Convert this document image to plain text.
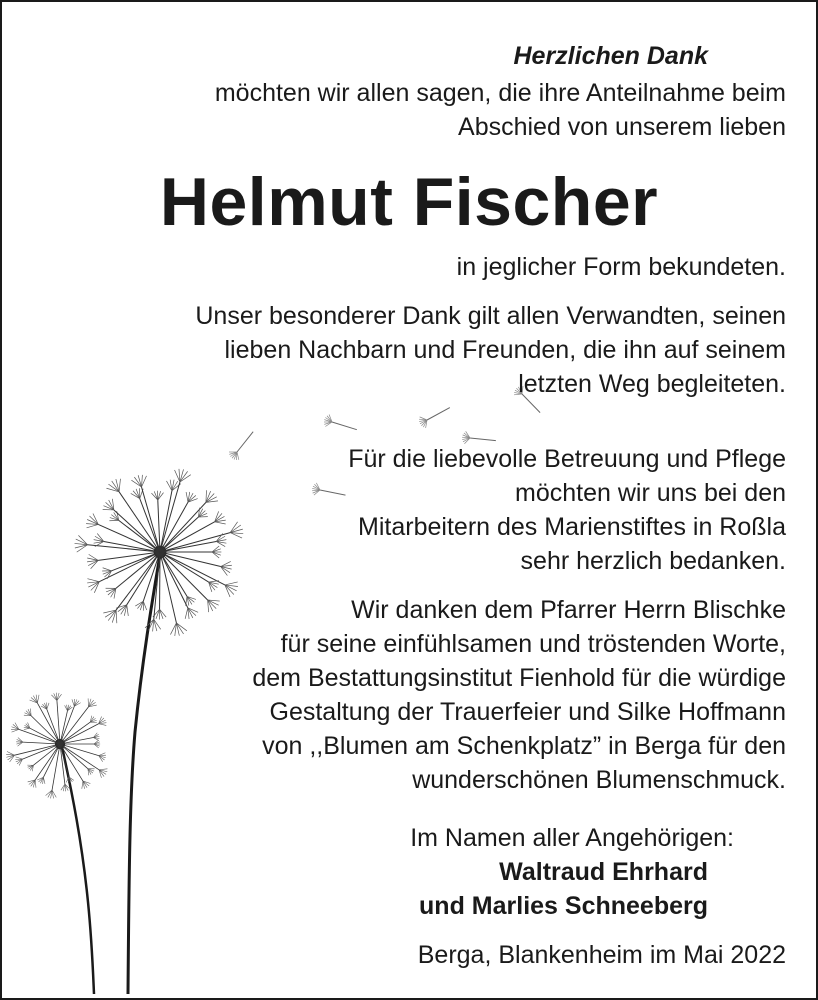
Herzlichen Dank

möchten wir allen sagen, die ihre Anteilnahme beim

Abschied von unserem lieben

Helmut Fischer

in jeglicher Form bekundeten.

Unser besonderer Dank gilt allen Verwandten, seinen

lieben Nachbarn und Freunden, die ihn auf seinem

letzten Weg begleiteten.

Für die liebevolle Betreuung und Pflege

möchten wir uns bei den

Mitarbeitern des Marienstiftes in Roßla

sehr herzlich bedanken.

Wir danken dem Pfarrer Herrn Blischke

für seine einfühlsamen und tröstenden Worte,

dem Bestattungsinstitut Fienhold für die würdige

Gestaltung der Trauerfeier und Silke Hoffmann

von ,,Blumen am Schenkplatz” in Berga für den

wunderschönen Blumenschmuck.

Im Namen aller Angehörigen:

Waltraud Ehrhard

und Marlies Schneeberg

Berga, Blankenheim im Mai 2022
